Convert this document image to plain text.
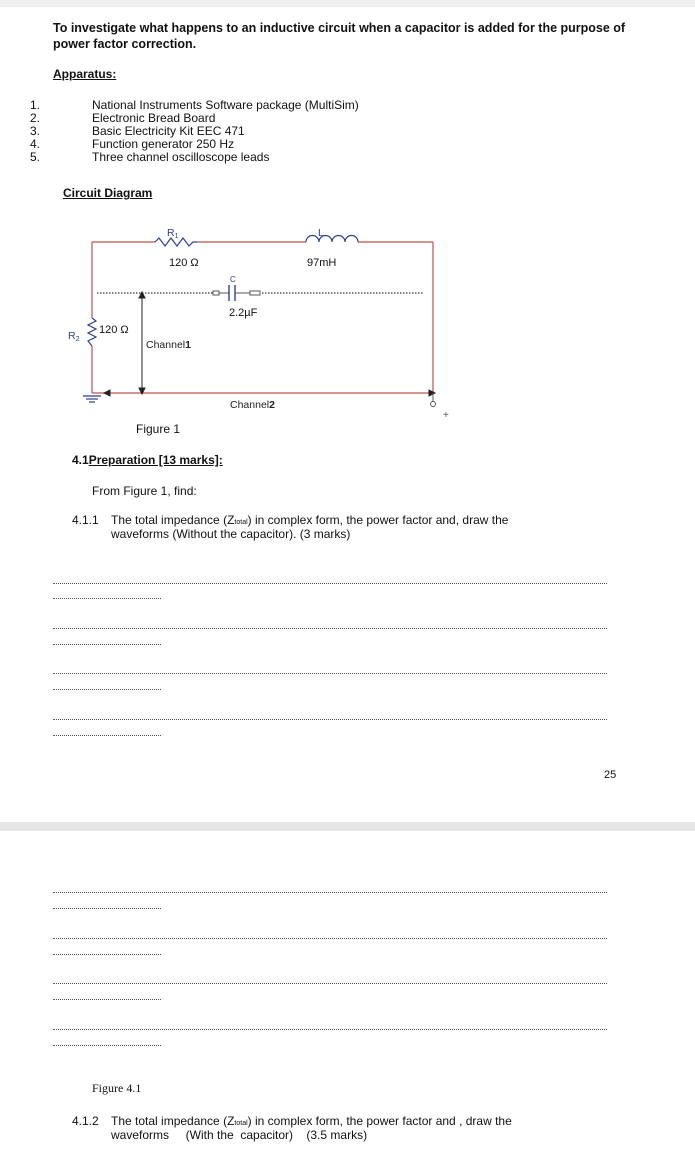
To investigate what happens to an inductive circuit when a capacitor is added for the purpose of power factor correction.
Apparatus:
1.	National Instruments Software package (MultiSim)
2.	Electronic Bread Board
3.	Basic Electricity Kit EEC 471
4.	Function generator 250 Hz
5.	Three channel oscilloscope leads
Circuit Diagram
R1
120 Ω
L
97mH
C
2.2µF
R2
120 Ω
Channel1
Channel2
+
Figure 1
4.1Preparation [13 marks]:
From Figure 1, find:
4.1.1 The total impedance (Ztotal) in complex form, the power factor and, draw the
waveforms (Without the capacitor). (3 marks)
25
Figure 4.1
4.1.2 The total impedance (Ztotal) in complex form, the power factor and , draw the
waveforms     (With the  capacitor)    (3.5 marks)
